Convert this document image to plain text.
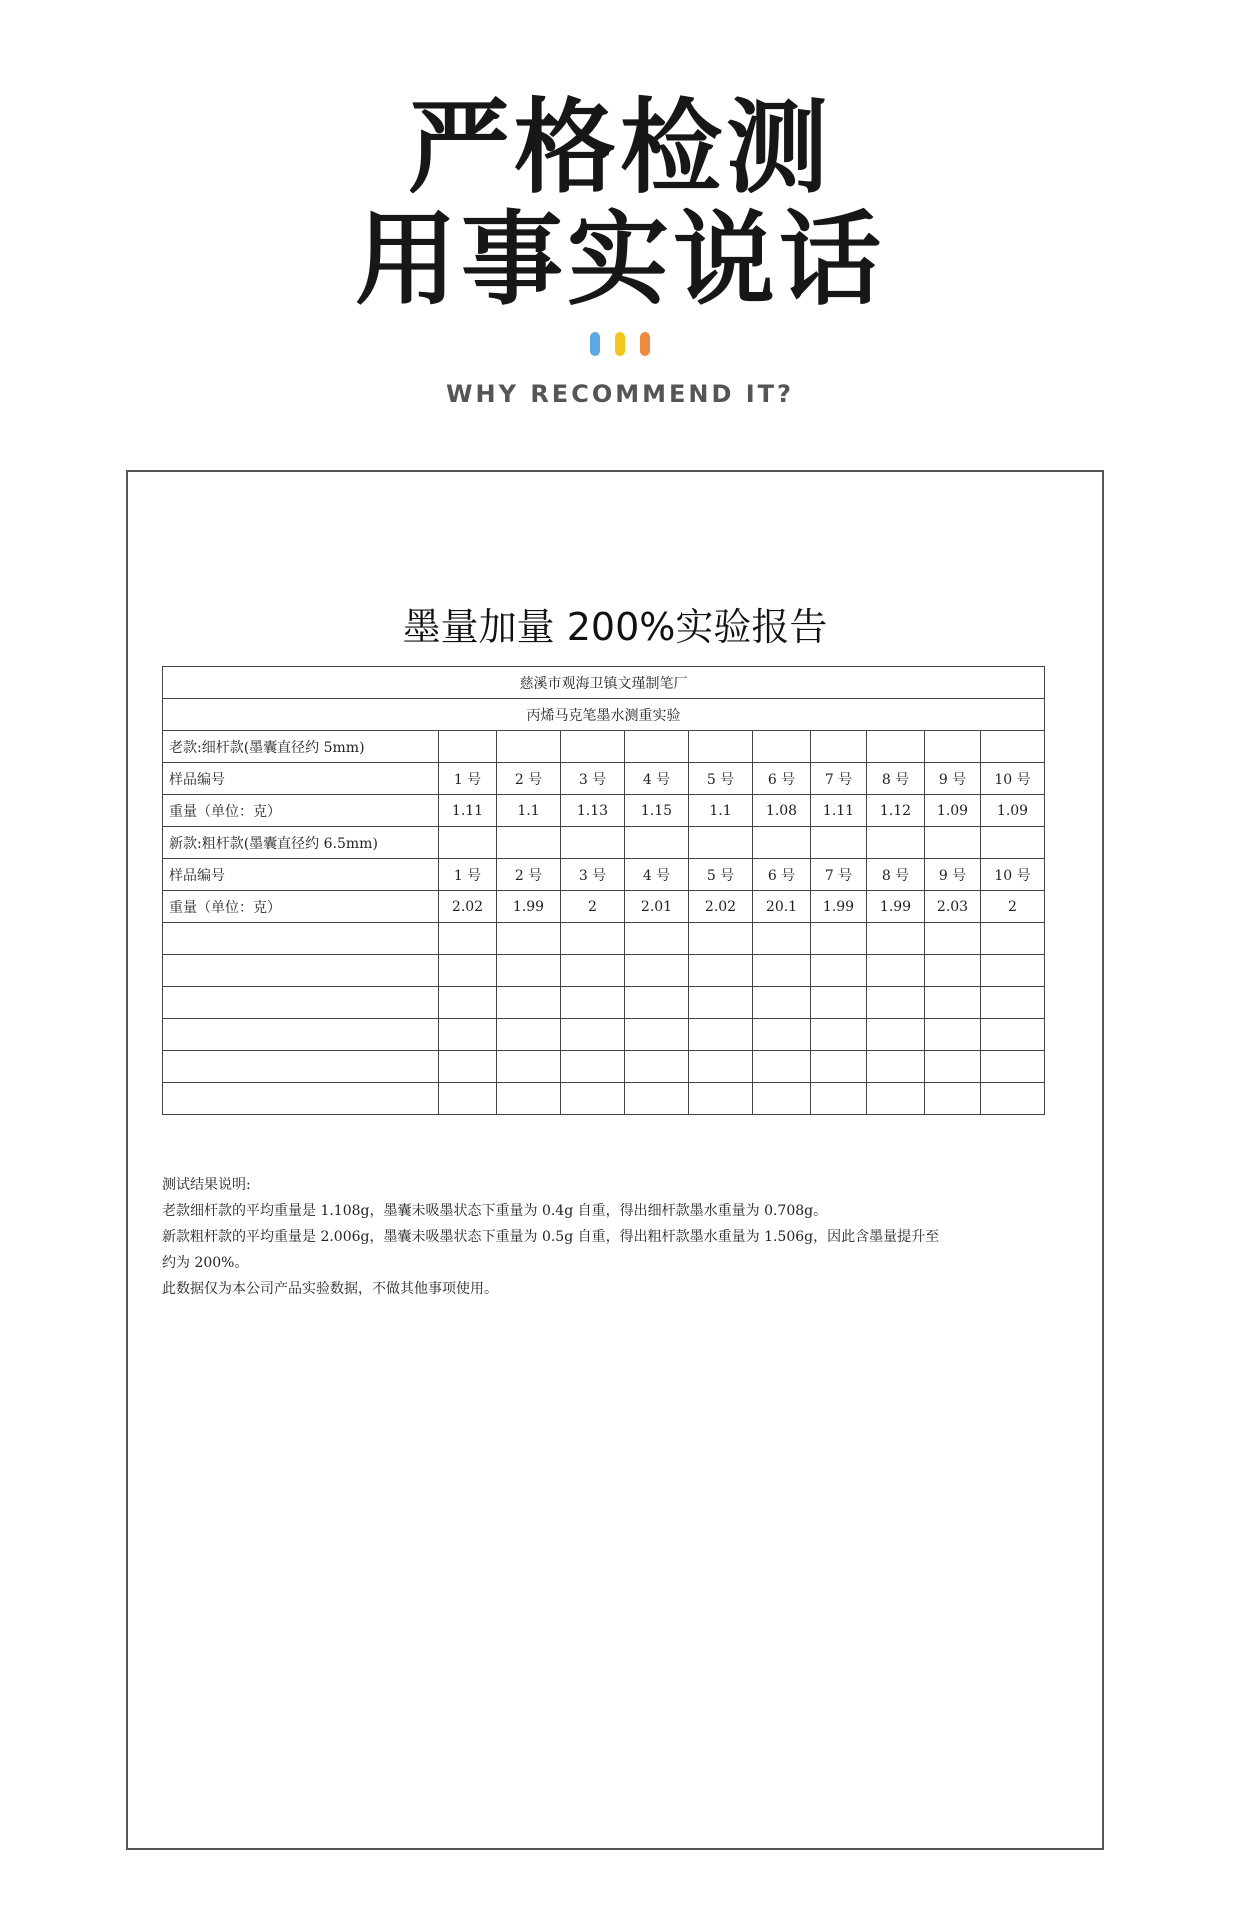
严格检测
用事实说话
WHY RECOMMEND IT?
墨量加量 200%实验报告
慈溪市观海卫镇文瑾制笔厂										
丙烯马克笔墨水测重实验										
老款:细杆款(墨囊直径约 5mm)										
样品编号	1 号	2 号	3 号	4 号	5 号	6 号	7 号	8 号	9 号	10 号
重量（单位：克）	1.11	1.1	1.13	1.15	1.1	1.08	1.11	1.12	1.09	1.09
新款:粗杆款(墨囊直径约 6.5mm)										
样品编号	1 号	2 号	3 号	4 号	5 号	6 号	7 号	8 号	9 号	10 号
重量（单位：克）	2.02	1.99	2	2.01	2.02	20.1	1.99	1.99	2.03	2

测试结果说明:

老款细杆款的平均重量是 1.108g，墨囊未吸墨状态下重量为 0.4g 自重，得出细杆款墨水重量为 0.708g。

新款粗杆款的平均重量是 2.006g，墨囊未吸墨状态下重量为 0.5g 自重，得出粗杆款墨水重量为 1.506g，因此含墨量提升至

约为 200%。

此数据仅为本公司产品实验数据，不做其他事项使用。
